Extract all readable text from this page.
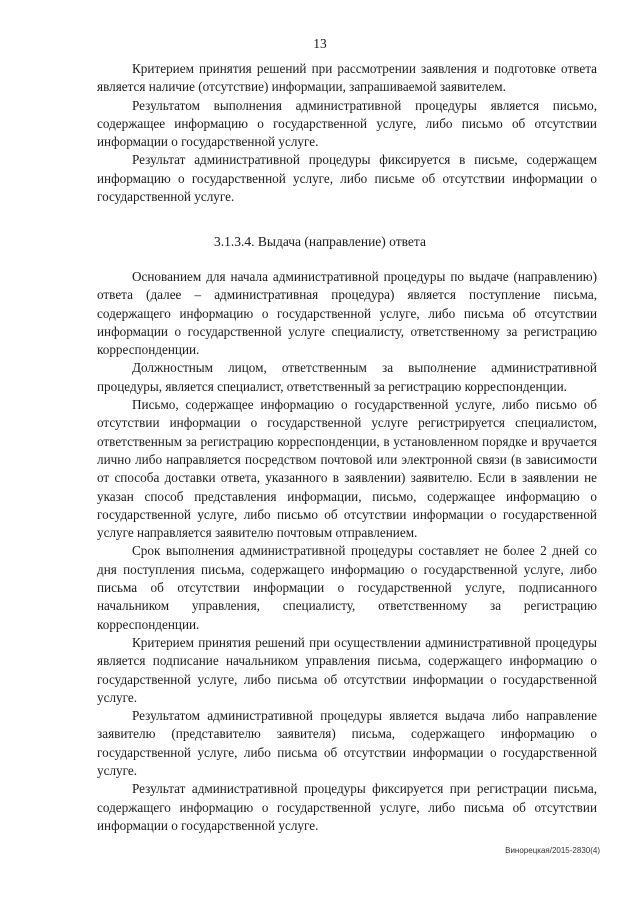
13

Критерием принятия решений при рассмотрении заявления и подготовке ответа является наличие (отсутствие) информации, запрашиваемой заявителем.

Результатом выполнения административной процедуры является письмо, содержащее информацию о государственной услуге, либо письмо об отсутствии информации о государственной услуге.

Результат административной процедуры фиксируется в письме, содержащем информацию о государственной услуге, либо письме об отсутствии информации о государственной услуге.

3.1.3.4. Выдача (направление) ответа

Основанием для начала административной процедуры по выдаче (направлению) ответа (далее – административная процедура) является поступление письма, содержащего информацию о государственной услуге, либо письма об отсутствии информации о государственной услуге специалисту, ответственному за регистрацию корреспонденции.

Должностным лицом, ответственным за выполнение административной процедуры, является специалист, ответственный за регистрацию корреспонденции.

Письмо, содержащее информацию о государственной услуге, либо письмо об отсутствии информации о государственной услуге регистрируется специалистом, ответственным за регистрацию корреспонденции, в установленном порядке и вручается лично либо направляется посредством почтовой или электронной связи (в зависимости от способа доставки ответа, указанного в заявлении) заявителю. Если в заявлении не указан способ представления информации, письмо, содержащее информацию о государственной услуге, либо письмо об отсутствии информации о государственной услуге направляется заявителю почтовым отправлением.

Срок выполнения административной процедуры составляет не более 2 дней со дня поступления письма, содержащего информацию о государственной услуге, либо письма об отсутствии информации о государственной услуге, подписанного начальником управления, специалисту, ответственному за регистрацию корреспонденции.

Критерием принятия решений при осуществлении административной процедуры является подписание начальником управления письма, содержащего информацию о государственной услуге, либо письма об отсутствии информации о государственной услуге.

Результатом административной процедуры является выдача либо направление заявителю (представителю заявителя) письма, содержащего информацию о государственной услуге, либо письма об отсутствии информации о государственной услуге.

Результат административной процедуры фиксируется при регистрации письма, содержащего информацию о государственной услуге, либо письма об отсутствии информации о государственной услуге.

Винорецкая/2015-2830(4)
